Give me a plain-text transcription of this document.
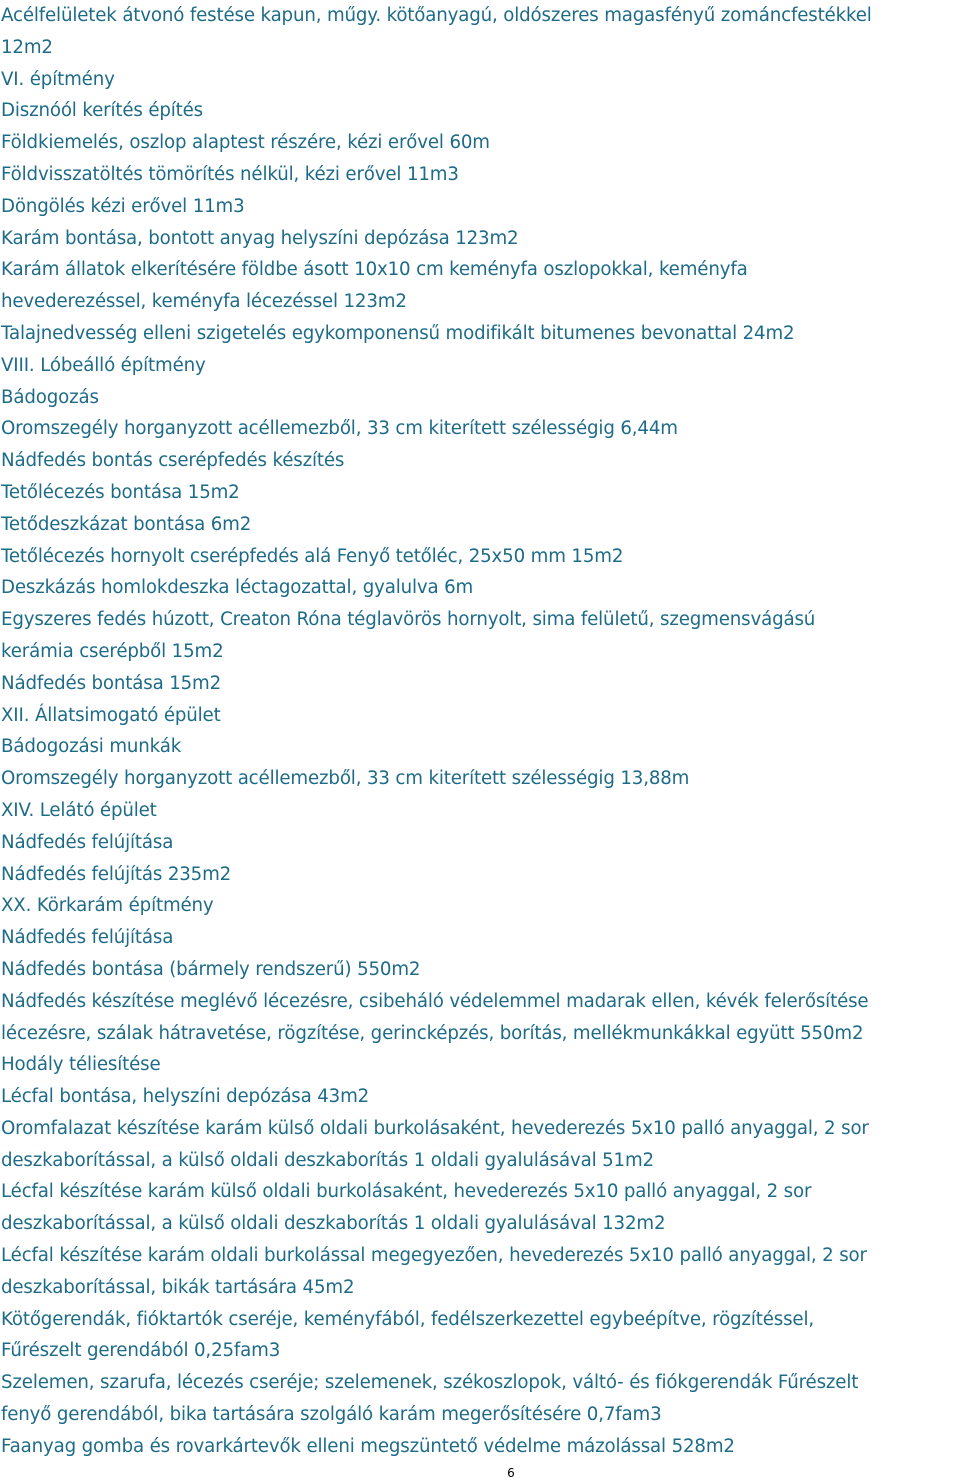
Acélfelületek átvonó festése kapun, műgy. kötőanyagú, oldószeres magasfényű zománcfestékkel
12m2
VI. építmény
Disznóól kerítés építés
Földkiemelés, oszlop alaptest részére, kézi erővel 60m
Földvisszatöltés tömörítés nélkül, kézi erővel 11m3
Döngölés kézi erővel 11m3
Karám bontása, bontott anyag helyszíni depózása 123m2
Karám állatok elkerítésére földbe ásott 10x10 cm keményfa oszlopokkal, keményfa
hevederezéssel, keményfa lécezéssel 123m2
Talajnedvesség elleni szigetelés egykomponensű modifikált bitumenes bevonattal 24m2
VIII. Lóbeálló építmény
Bádogozás
Oromszegély horganyzott acéllemezből, 33 cm kiterített szélességig 6,44m
Nádfedés bontás cserépfedés készítés
Tetőlécezés bontása 15m2
Tetődeszkázat bontása 6m2
Tetőlécezés hornyolt cserépfedés alá Fenyő tetőléc, 25x50 mm 15m2
Deszkázás homlokdeszka léctagozattal, gyalulva 6m
Egyszeres fedés húzott, Creaton Róna téglavörös hornyolt, sima felületű, szegmensvágású
kerámia cserépből 15m2
Nádfedés bontása 15m2
XII. Állatsimogató épület
Bádogozási munkák
Oromszegély horganyzott acéllemezből, 33 cm kiterített szélességig 13,88m
XIV. Lelátó épület
Nádfedés felújítása
Nádfedés felújítás 235m2
XX. Körkarám építmény
Nádfedés felújítása
Nádfedés bontása (bármely rendszerű) 550m2
Nádfedés készítése meglévő lécezésre, csibeháló védelemmel madarak ellen, kévék felerősítése
lécezésre, szálak hátravetése, rögzítése, gerincképzés, borítás, mellékmunkákkal együtt 550m2
Hodály téliesítése
Lécfal bontása, helyszíni depózása 43m2
Oromfalazat készítése karám külső oldali burkolásaként, hevederezés 5x10 palló anyaggal, 2 sor
deszkaborítással, a külső oldali deszkaborítás 1 oldali gyalulásával 51m2
Lécfal készítése karám külső oldali burkolásaként, hevederezés 5x10 palló anyaggal, 2 sor
deszkaborítással, a külső oldali deszkaborítás 1 oldali gyalulásával 132m2
Lécfal készítése karám oldali burkolással megegyezően, hevederezés 5x10 palló anyaggal, 2 sor
deszkaborítással, bikák tartására 45m2
Kötőgerendák, fióktartók cseréje, keményfából, fedélszerkezettel egybeépítve, rögzítéssel,
Fűrészelt gerendából 0,25fam3
Szelemen, szarufa, lécezés cseréje; szelemenek, székoszlopok, váltó- és fiókgerendák Fűrészelt
fenyő gerendából, bika tartására szolgáló karám megerősítésére 0,7fam3
Faanyag gomba és rovarkártevők elleni megszüntető védelme mázolással 528m2
6
